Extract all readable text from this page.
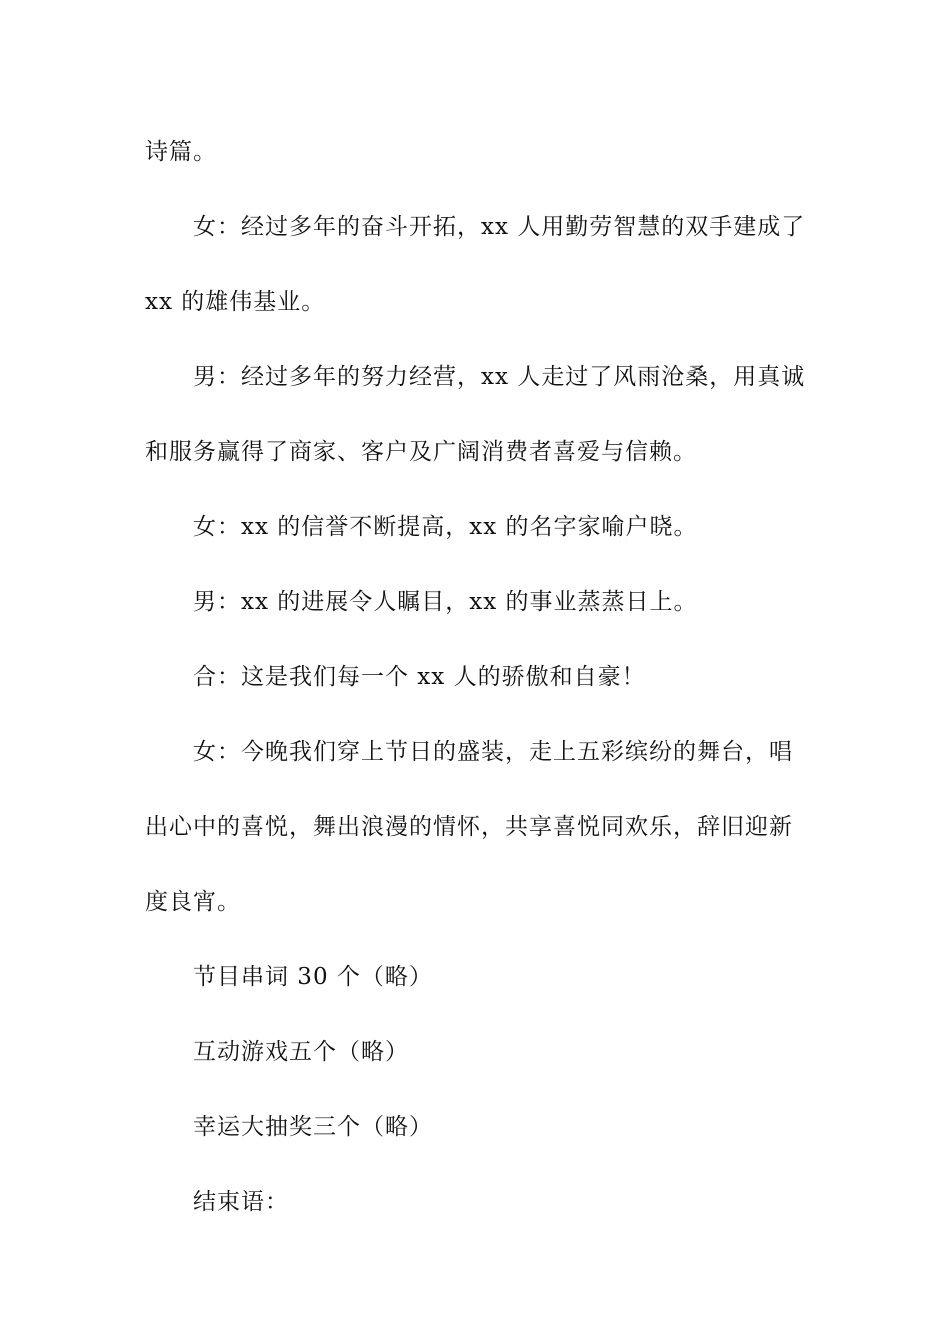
诗篇。
女：经过多年的奋斗开拓，xx 人用勤劳智慧的双手建成了
xx 的雄伟基业。
男：经过多年的努力经营，xx 人走过了风雨沧桑，用真诚
和服务赢得了商家、客户及广阔消费者喜爱与信赖。
女：xx 的信誉不断提高，xx 的名字家喻户晓。
男：xx 的进展令人瞩目，xx 的事业蒸蒸日上。
合：这是我们每一个 xx 人的骄傲和自豪！
女：今晚我们穿上节日的盛装，走上五彩缤纷的舞台，唱
出心中的喜悦，舞出浪漫的情怀，共享喜悦同欢乐，辞旧迎新
度良宵。
节目串词 30 个（略）
互动游戏五个（略）
幸运大抽奖三个（略）
结束语：
